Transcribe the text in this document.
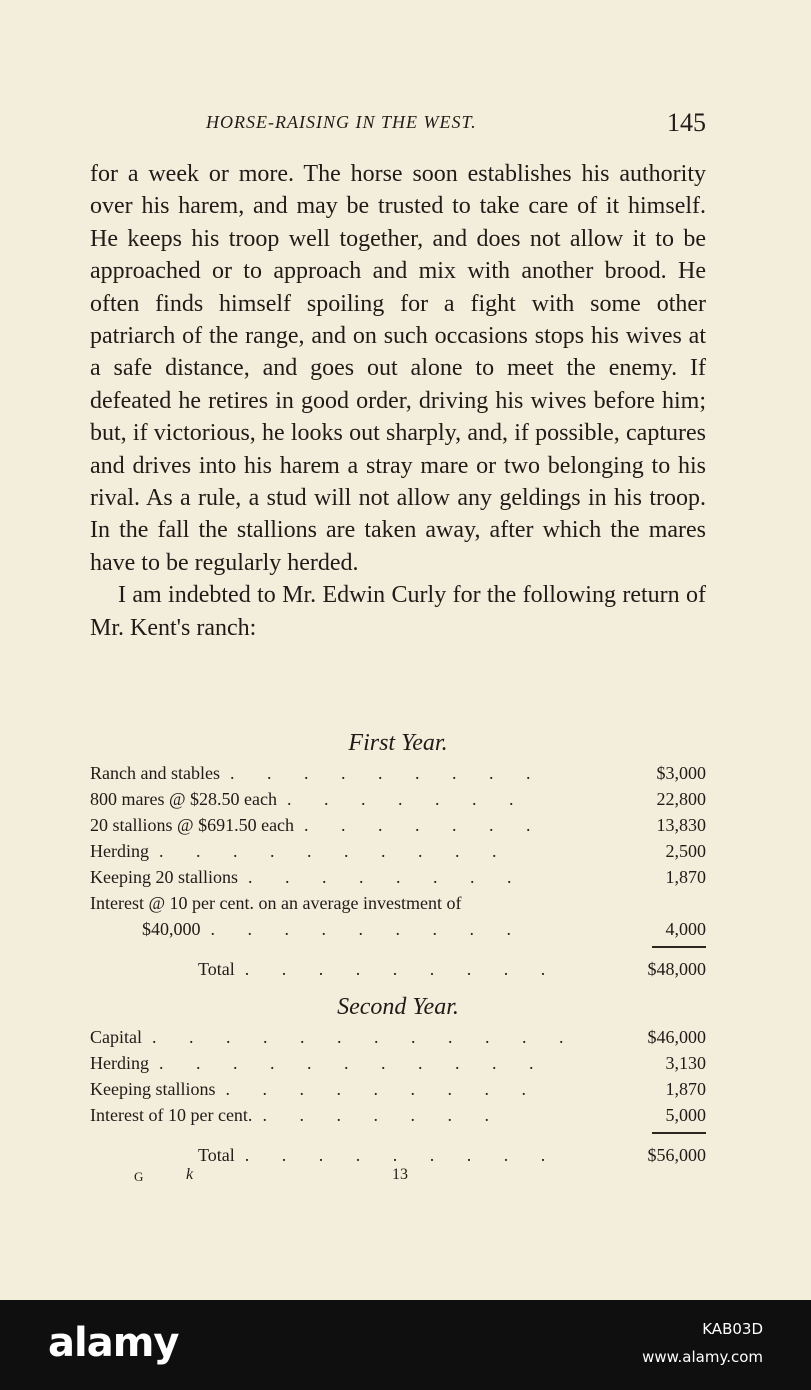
HORSE-RAISING IN THE WEST.	145

for a week or more. The horse soon establishes his authority over his harem, and may be trusted to take care of it himself. He keeps his troop well together, and does not allow it to be approached or to approach and mix with another brood. He often finds himself spoiling for a fight with some other patriarch of the range, and on such occasions stops his wives at a safe distance, and goes out alone to meet the enemy. If defeated he retires in good order, driving his wives before him; but, if victorious, he looks out sharply, and, if possible, captures and drives into his harem a stray mare or two belonging to his rival. As a rule, a stud will not allow any geldings in his troop. In the fall the stallions are taken away, after which the mares have to be regularly herded.

I am indebted to Mr. Edwin Curly for the following return of Mr. Kent's ranch:

First Year.
Ranch and stables . . . . . . . . .	$3,000
800 mares @ $28.50 each . . . . . . .	22,800
20 stallions @ $691.50 each . . . . . . .	13,830
Herding . . . . . . . . . .	2,500
Keeping 20 stallions . . . . . . . .	1,870
Interest @ 10 per cent. on an average investment of
$40,000 . . . . . . . . .	4,000
Total . . . . . . . . .	$48,000
Second Year.
Capital . . . . . . . . . . . .	$46,000
Herding . . . . . . . . . . .	3,130
Keeping stallions . . . . . . . . .	1,870
Interest of 10 per cent. . . . . . . .	5,000
Total . . . . . . . . .	$56,000
G	k	13
alamy	KAB03D
www.alamy.com
